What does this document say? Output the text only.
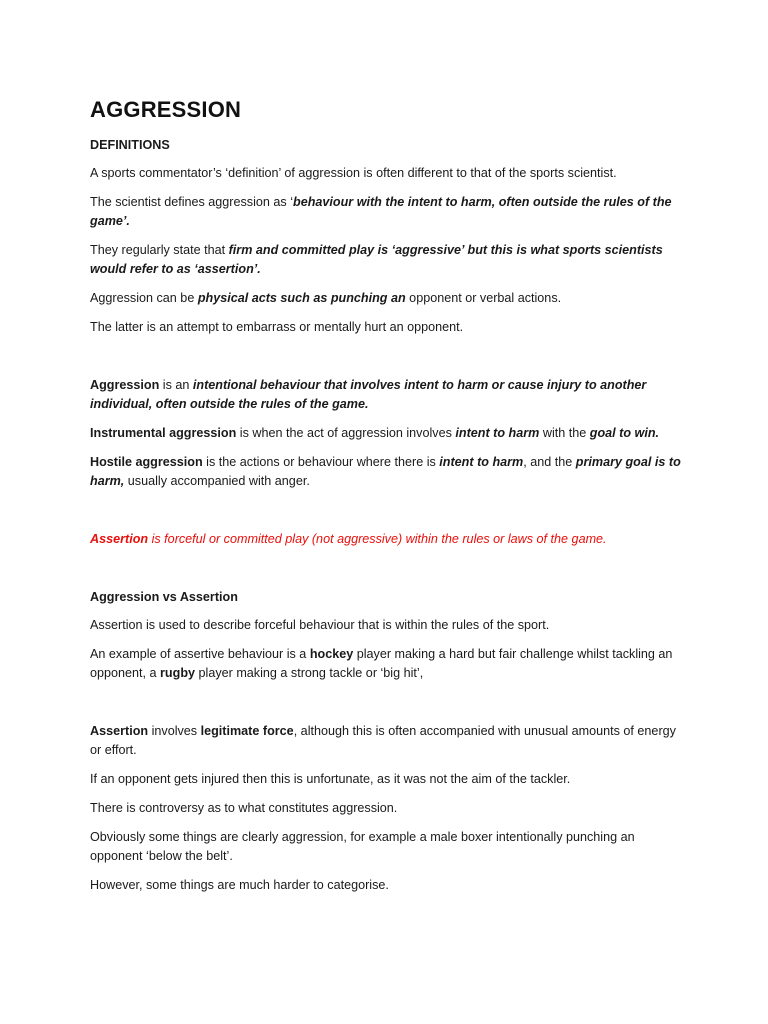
AGGRESSION
DEFINITIONS

A sports commentator’s ‘definition’ of aggression is often different to that of the sports scientist.

The scientist defines aggression as ‘behaviour with the intent to harm, often outside the rules of the game’.

They regularly state that firm and committed play is ‘aggressive’ but this is what sports scientists would refer to as ‘assertion’.

Aggression can be physical acts such as punching an opponent or verbal actions.

The latter is an attempt to embarrass or mentally hurt an opponent.

Aggression is an intentional behaviour that involves intent to harm or cause injury to another individual, often outside the rules of the game.

Instrumental aggression is when the act of aggression involves intent to harm with the goal to win.

Hostile aggression is the actions or behaviour where there is intent to harm, and the primary goal is to harm, usually accompanied with anger.

Assertion is forceful or committed play (not aggressive) within the rules or laws of the game.

Aggression vs Assertion

Assertion is used to describe forceful behaviour that is within the rules of the sport.

An example of assertive behaviour is a hockey player making a hard but fair challenge whilst tackling an opponent, a rugby player making a strong tackle or ‘big hit’,

Assertion involves legitimate force, although this is often accompanied with unusual amounts of energy or effort.

If an opponent gets injured then this is unfortunate, as it was not the aim of the tackler.

There is controversy as to what constitutes aggression.

Obviously some things are clearly aggression, for example a male boxer intentionally punching an opponent ‘below the belt’.

However, some things are much harder to categorise.
